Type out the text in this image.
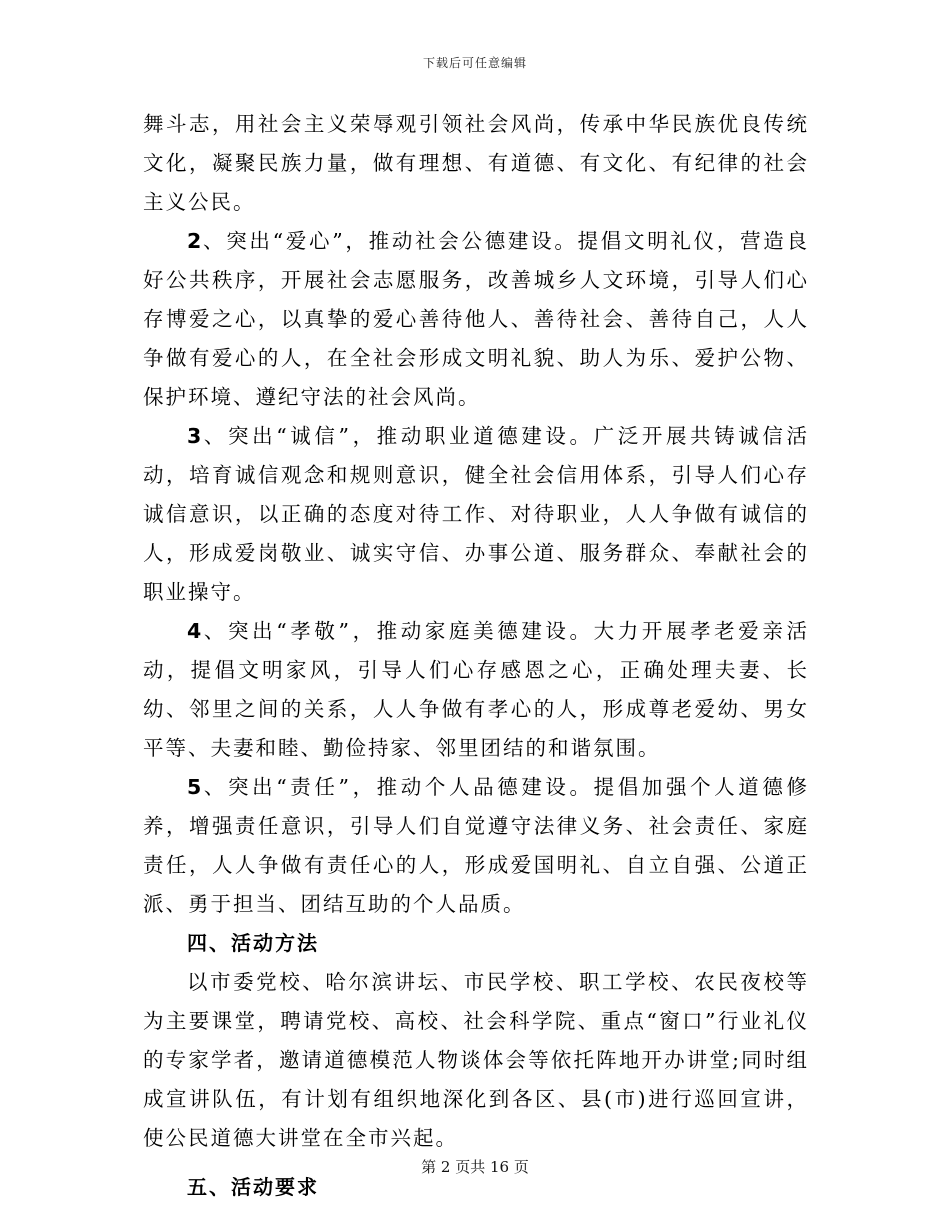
下载后可任意编辑

舞斗志，用社会主义荣辱观引领社会风尚，传承中华民族优良传统文化，凝聚民族力量，做有理想、有道德、有文化、有纪律的社会主义公民。

2、突出“爱心”，推动社会公德建设。提倡文明礼仪，营造良好公共秩序，开展社会志愿服务，改善城乡人文环境，引导人们心存博爱之心，以真挚的爱心善待他人、善待社会、善待自己，人人争做有爱心的人，在全社会形成文明礼貌、助人为乐、爱护公物、保护环境、遵纪守法的社会风尚。

3、突出“诚信”，推动职业道德建设。广泛开展共铸诚信活动，培育诚信观念和规则意识，健全社会信用体系，引导人们心存诚信意识，以正确的态度对待工作、对待职业，人人争做有诚信的人，形成爱岗敬业、诚实守信、办事公道、服务群众、奉献社会的职业操守。

4、突出“孝敬”，推动家庭美德建设。大力开展孝老爱亲活动，提倡文明家风，引导人们心存感恩之心，正确处理夫妻、长幼、邻里之间的关系，人人争做有孝心的人，形成尊老爱幼、男女平等、夫妻和睦、勤俭持家、邻里团结的和谐氛围。

5、突出“责任”，推动个人品德建设。提倡加强个人道德修养，增强责任意识，引导人们自觉遵守法律义务、社会责任、家庭责任，人人争做有责任心的人，形成爱国明礼、自立自强、公道正派、勇于担当、团结互助的个人品质。

四、活动方法

以市委党校、哈尔滨讲坛、市民学校、职工学校、农民夜校等为主要课堂，聘请党校、高校、社会科学院、重点“窗口”行业礼仪的专家学者，邀请道德模范人物谈体会等依托阵地开办讲堂;同时组成宣讲队伍，有计划有组织地深化到各区、县(市)进行巡回宣讲，使公民道德大讲堂在全市兴起。

五、活动要求
第 2 页共 16 页
